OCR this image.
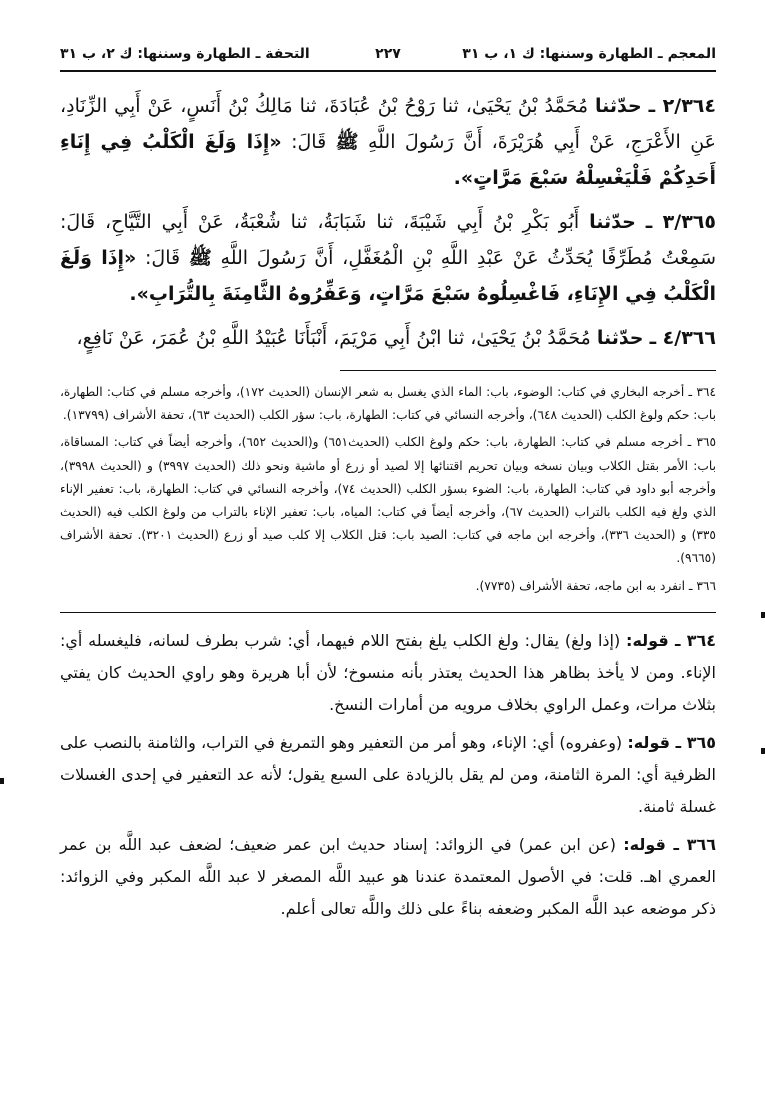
المعجم ـ الطهارة وسننها: ك ١، ب ٣١
٢٢٧
التحفة ـ الطهارة وسننها: ك ٢، ب ٣١

٢/٣٦٤ ـ حدّثنا مُحَمَّدُ بْنُ يَحْيَىٰ، ثنا رَوْحُ بْنُ عُبَادَةَ، ثنا مَالِكُ بْنُ أَنَسٍ، عَنْ أَبِي الزِّنَادِ، عَنِ الأَعْرَجِ، عَنْ أَبِي هُرَيْرَةَ، أَنَّ رَسُولَ اللَّهِ ﷺ قَالَ: «إِذَا وَلَغَ الْكَلْبُ فِي إِنَاءِ أَحَدِكُمْ فَلْيَغْسِلْهُ سَبْعَ مَرَّاتٍ».

٣/٣٦٥ ـ حدّثنا أَبُو بَكْرِ بْنُ أَبِي شَيْبَةَ، ثنا شَبَابَةُ، ثنا شُعْبَةُ، عَنْ أَبِي التَّيَّاحِ، قَالَ: سَمِعْتُ مُطَرِّفًا يُحَدِّثُ عَنْ عَبْدِ اللَّهِ بْنِ الْمُغَفَّلِ، أَنَّ رَسُولَ اللَّهِ ﷺ قَالَ: «إِذَا وَلَغَ الْكَلْبُ فِي الإِنَاءِ، فَاغْسِلُوهُ سَبْعَ مَرَّاتٍ، وَعَفِّرُوهُ الثَّامِنَةَ بِالتُّرَابِ».

٤/٣٦٦ ـ حدّثنا مُحَمَّدُ بْنُ يَحْيَىٰ، ثنا ابْنُ أَبِي مَرْيَمَ، أَنْبَأَنَا عُبَيْدُ اللَّهِ بْنُ عُمَرَ، عَنْ نَافِعٍ،

٣٦٤ ـ أخرجه البخاري في كتاب: الوضوء، باب: الماء الذي يغسل به شعر الإنسان (الحديث ١٧٢)، وأخرجه مسلم في كتاب: الطهارة، باب: حكم ولوغ الكلب (الحديث ٦٤٨)، وأخرجه النسائي في كتاب: الطهارة، باب: سؤر الكلب (الحديث ٦٣)، تحفة الأشراف (١٣٧٩٩).

٣٦٥ ـ أخرجه مسلم في كتاب: الطهارة، باب: حكم ولوغ الكلب (الحديث٦٥١) و(الحديث ٦٥٢)، وأخرجه أيضاً في كتاب: المساقاة، باب: الأمر بقتل الكلاب وبيان نسخه وبيان تحريم اقتنائها إلا لصيد أو زرع أو ماشية ونحو ذلك (الحديث ٣٩٩٧) و (الحديث ٣٩٩٨)، وأخرجه أبو داود في كتاب: الطهارة، باب: الضوء بسؤر الكلب (الحديث ٧٤)، وأخرجه النسائي في كتاب: الطهارة، باب: تعفير الإناء الذي ولغ فيه الكلب بالتراب (الحديث ٦٧)، وأخرجه أيضاً في كتاب: المياه، باب: تعفير الإناء بالتراب من ولوغ الكلب فيه (الحديث ٣٣٥) و (الحديث ٣٣٦)، وأخرجه ابن ماجه في كتاب: الصيد باب: قتل الكلاب إلا كلب صيد أو زرع (الحديث ٣٢٠١). تحفة الأشراف (٩٦٦٥).

٣٦٦ ـ انفرد به ابن ماجه، تحفة الأشراف (٧٧٣٥).

٣٦٤ ـ قوله: (إذا ولغ) يقال: ولغ الكلب يلغ بفتح اللام فيهما، أي: شرب بطرف لسانه، فليغسله أي: الإناء. ومن لا يأخذ بظاهر هذا الحديث يعتذر بأنه منسوخ؛ لأن أبا هريرة وهو راوي الحديث كان يفتي بثلاث مرات، وعمل الراوي بخلاف مرويه من أمارات النسخ.

٣٦٥ ـ قوله: (وعفروه) أي: الإناء، وهو أمر من التعفير وهو التمريغ في التراب، والثامنة بالنصب على الظرفية أي: المرة الثامنة، ومن لم يقل بالزيادة على السبع يقول؛ لأنه عد التعفير في إحدى الغسلات غسلة ثامنة.

٣٦٦ ـ قوله: (عن ابن عمر) في الزوائد: إسناد حديث ابن عمر ضعيف؛ لضعف عبد اللَّه بن عمر العمري اهـ. قلت: في الأصول المعتمدة عندنا هو عبيد اللَّه المصغر لا عبد اللَّه المكبر وفي الزوائد: ذكر موضعه عبد اللَّه المكبر وضعفه بناءً على ذلك واللَّه تعالى أعلم.
